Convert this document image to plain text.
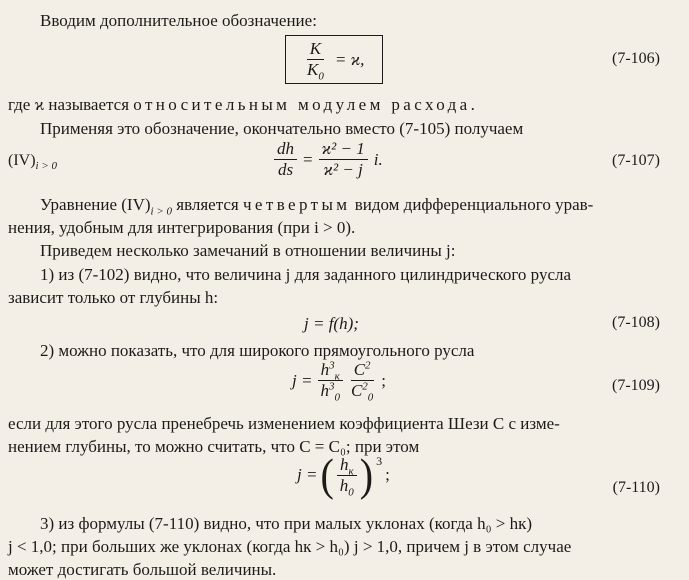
Вводим дополнительное обозначение:
$\frac{K}{K_0} = ϰ$,	(7-106)
где ϰ называется относительным модулем расхода.
Применяя это обозначение, окончательно вместо (7-105) получаем
$(IV)_{i > 0}$	$\frac{dh}{ds} = \frac{\text{ϰ² − 1}}{\text{ϰ² − j}} i$.	(7-107)
Уравнение $(IV)_{i > 0}$ является четвертым видом дифференциального урав-
нения, удобным для интегрирования (при i > 0).
Приведем несколько замечаний в отношении величины j:
1) из (7-102) видно, что величина j для заданного цилиндрического русла
зависит только от глубины h:
j = f(h);	(7-108)
2) можно показать, что для широкого прямоугольного русла
$j = \frac{h^3_к}{h^3_0} \frac{C^2}{C^2_0}$ ;	(7-109)
если для этого русла пренебречь изменением коэффициента Шези C с изме-
нением глубины, то можно считать, что C = C₀; при этом
j = ( $\frac{h_к}{h_0}$ ) 3
;
(7-110)
3) из формулы (7-110) видно, что при малых уклонах (когда h₀ > hк)
j < 1,0; при больших же уклонах (когда hк > h₀) j > 1,0, причем j в этом случае
может достигать большой величины.
